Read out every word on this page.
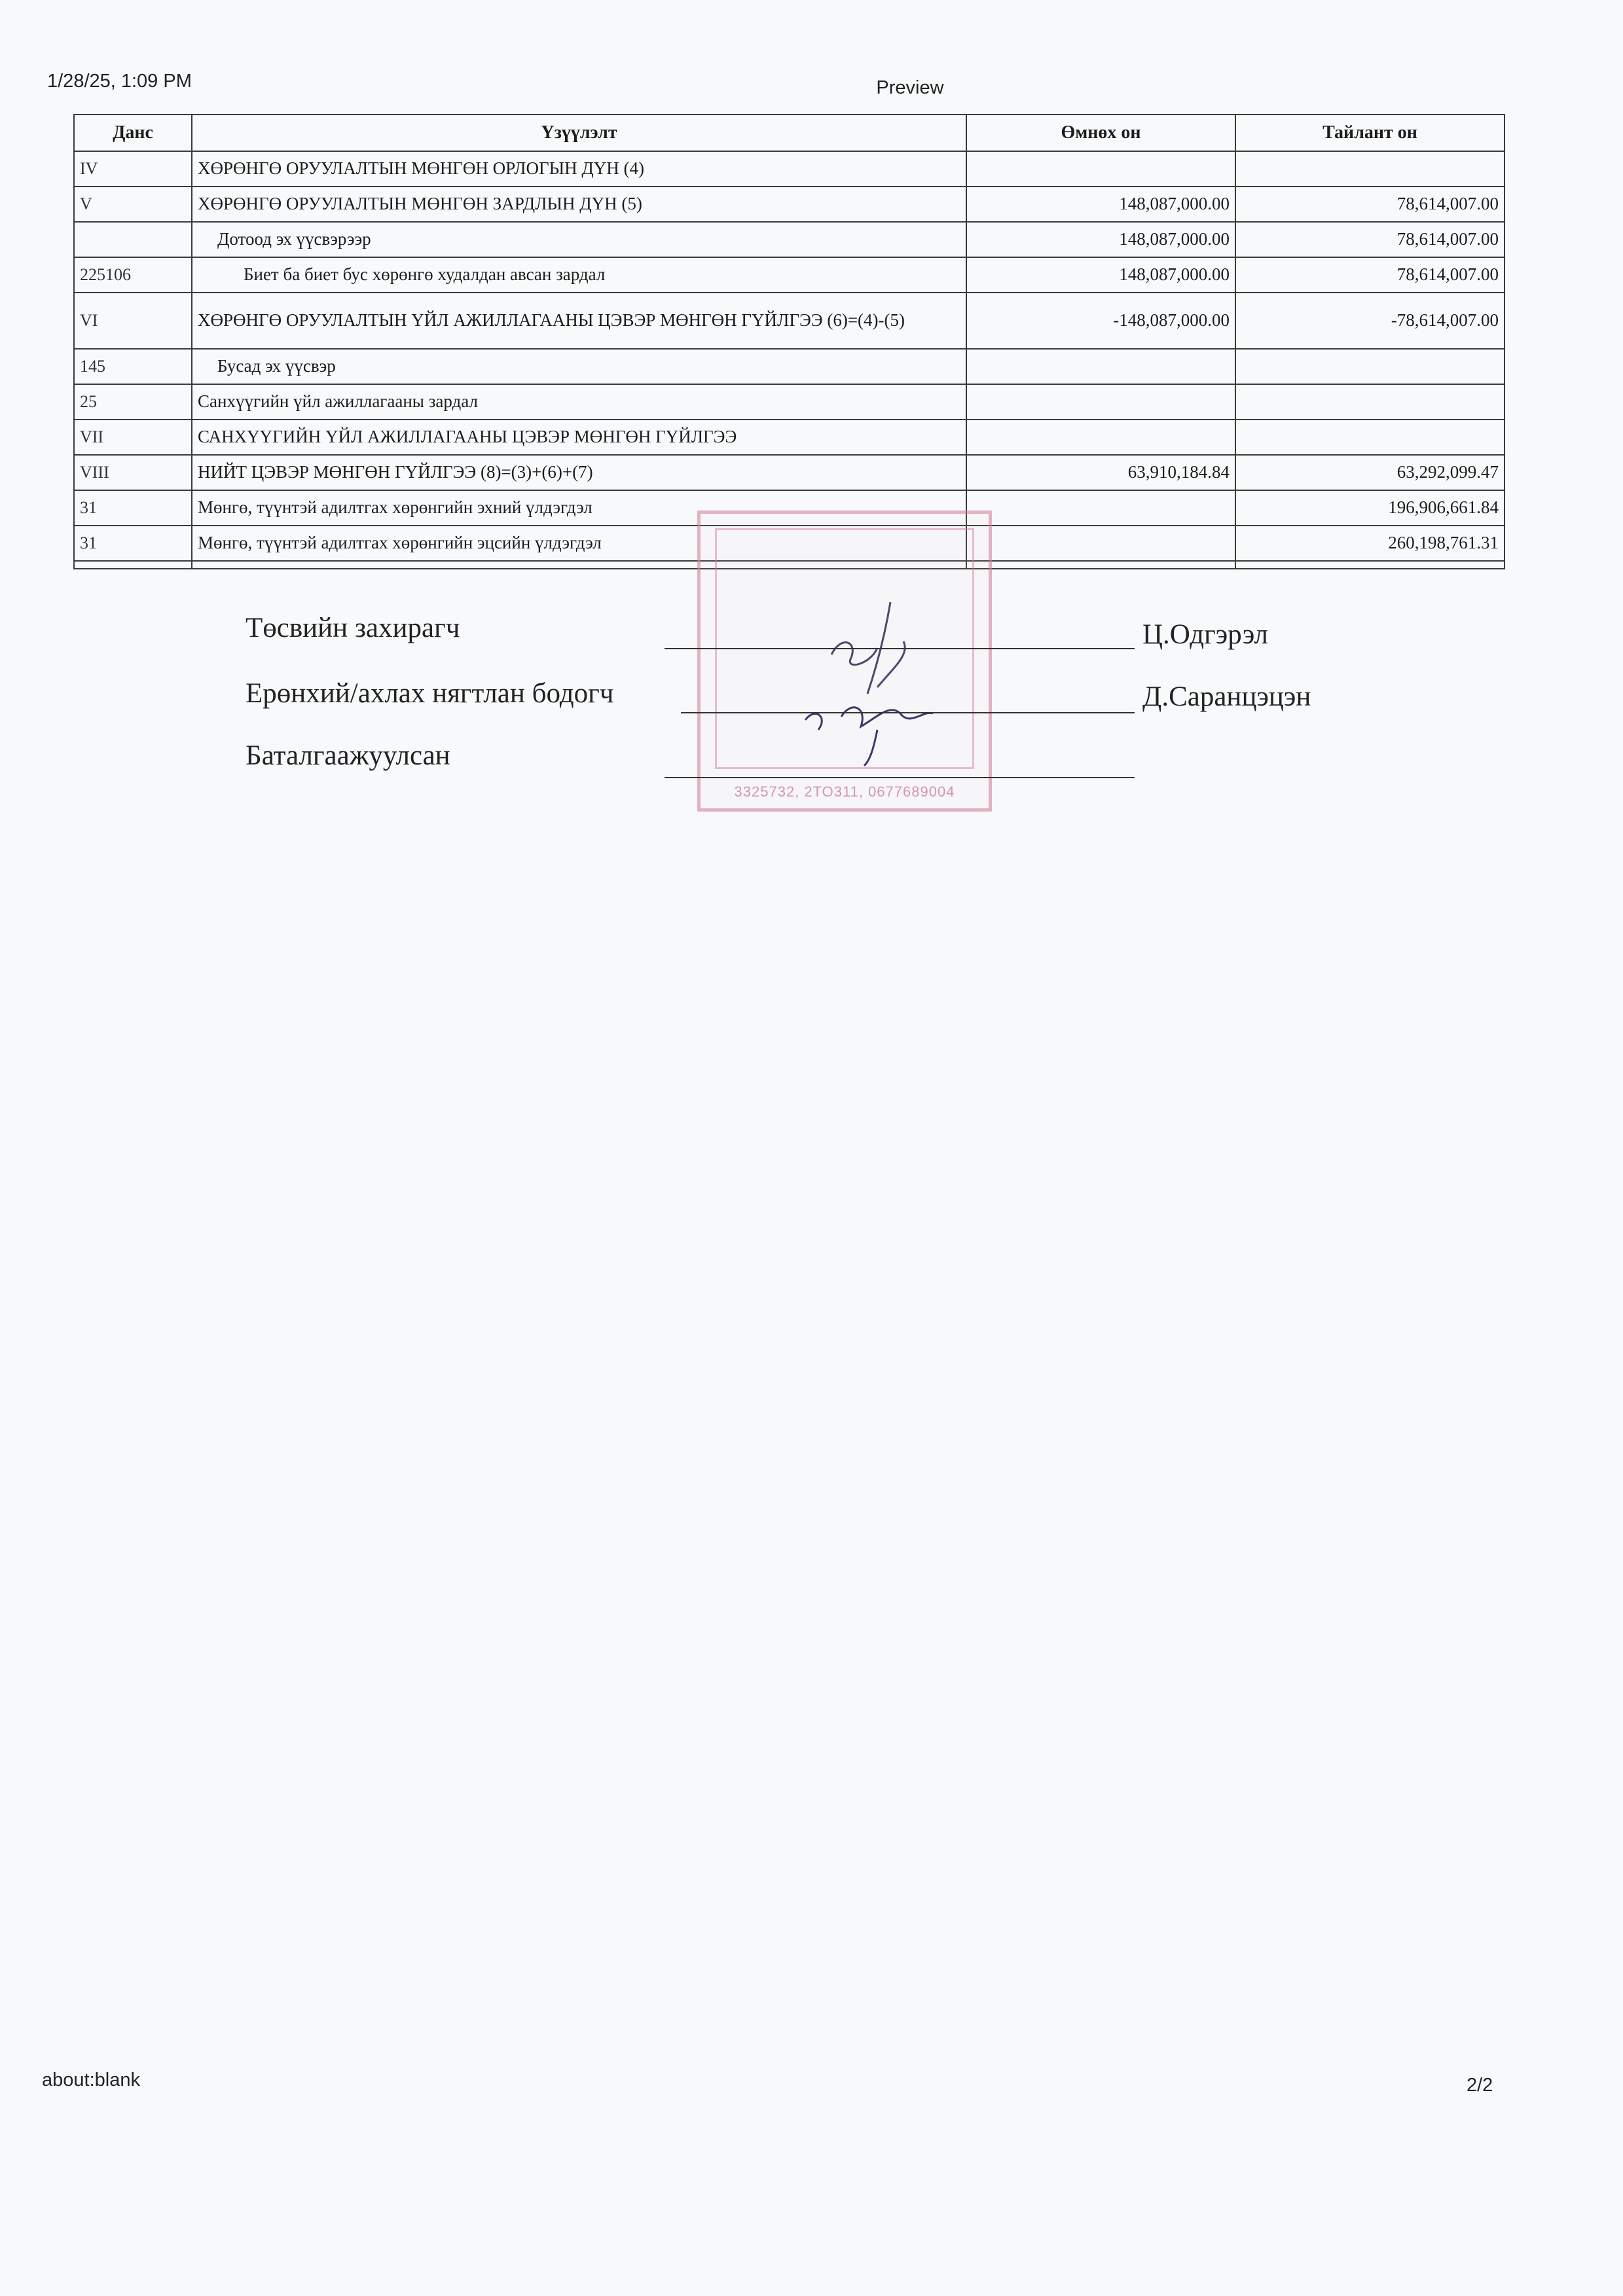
1/28/25, 1:09 PM	Preview
Данс	Үзүүлэлт	Өмнөх он	Тайлант он
IV	ХӨРӨНГӨ ОРУУЛАЛТЫН МӨНГӨН ОРЛОГЫН ДҮН (4)		
V	ХӨРӨНГӨ ОРУУЛАЛТЫН МӨНГӨН ЗАРДЛЫН ДҮН (5)	148,087,000.00	78,614,007.00
	Дотоод эх үүсвэрээр	148,087,000.00	78,614,007.00
225106	Биет ба биет бус хөрөнгө худалдан авсан зардал	148,087,000.00	78,614,007.00
VI	ХӨРӨНГӨ ОРУУЛАЛТЫН ҮЙЛ АЖИЛЛАГААНЫ ЦЭВЭР МӨНГӨН ГҮЙЛГЭЭ (6)=(4)-(5)	-148,087,000.00	-78,614,007.00
145	Бусад эх үүсвэр		
25	Санхүүгийн үйл ажиллагааны зардал		
VII	САНХҮҮГИЙН ҮЙЛ АЖИЛЛАГААНЫ ЦЭВЭР МӨНГӨН ГҮЙЛГЭЭ		
VIII	НИЙТ ЦЭВЭР МӨНГӨН ГҮЙЛГЭЭ (8)=(3)+(6)+(7)	63,910,184.84	63,292,099.47
31	Мөнгө, түүнтэй адилтгах хөрөнгийн эхний үлдэгдэл		196,906,661.84
31	Мөнгө, түүнтэй адилтгах хөрөнгийн эцсийн үлдэгдэл		260,198,761.31

3325732, 2TO311, 0677689004
Төсвийн захирагч	Ц.Одгэрэл
Ерөнхий/ахлах нягтлан бодогч	Д.Саранцэцэн
Баталгаажуулсан
about:blank	2/2
